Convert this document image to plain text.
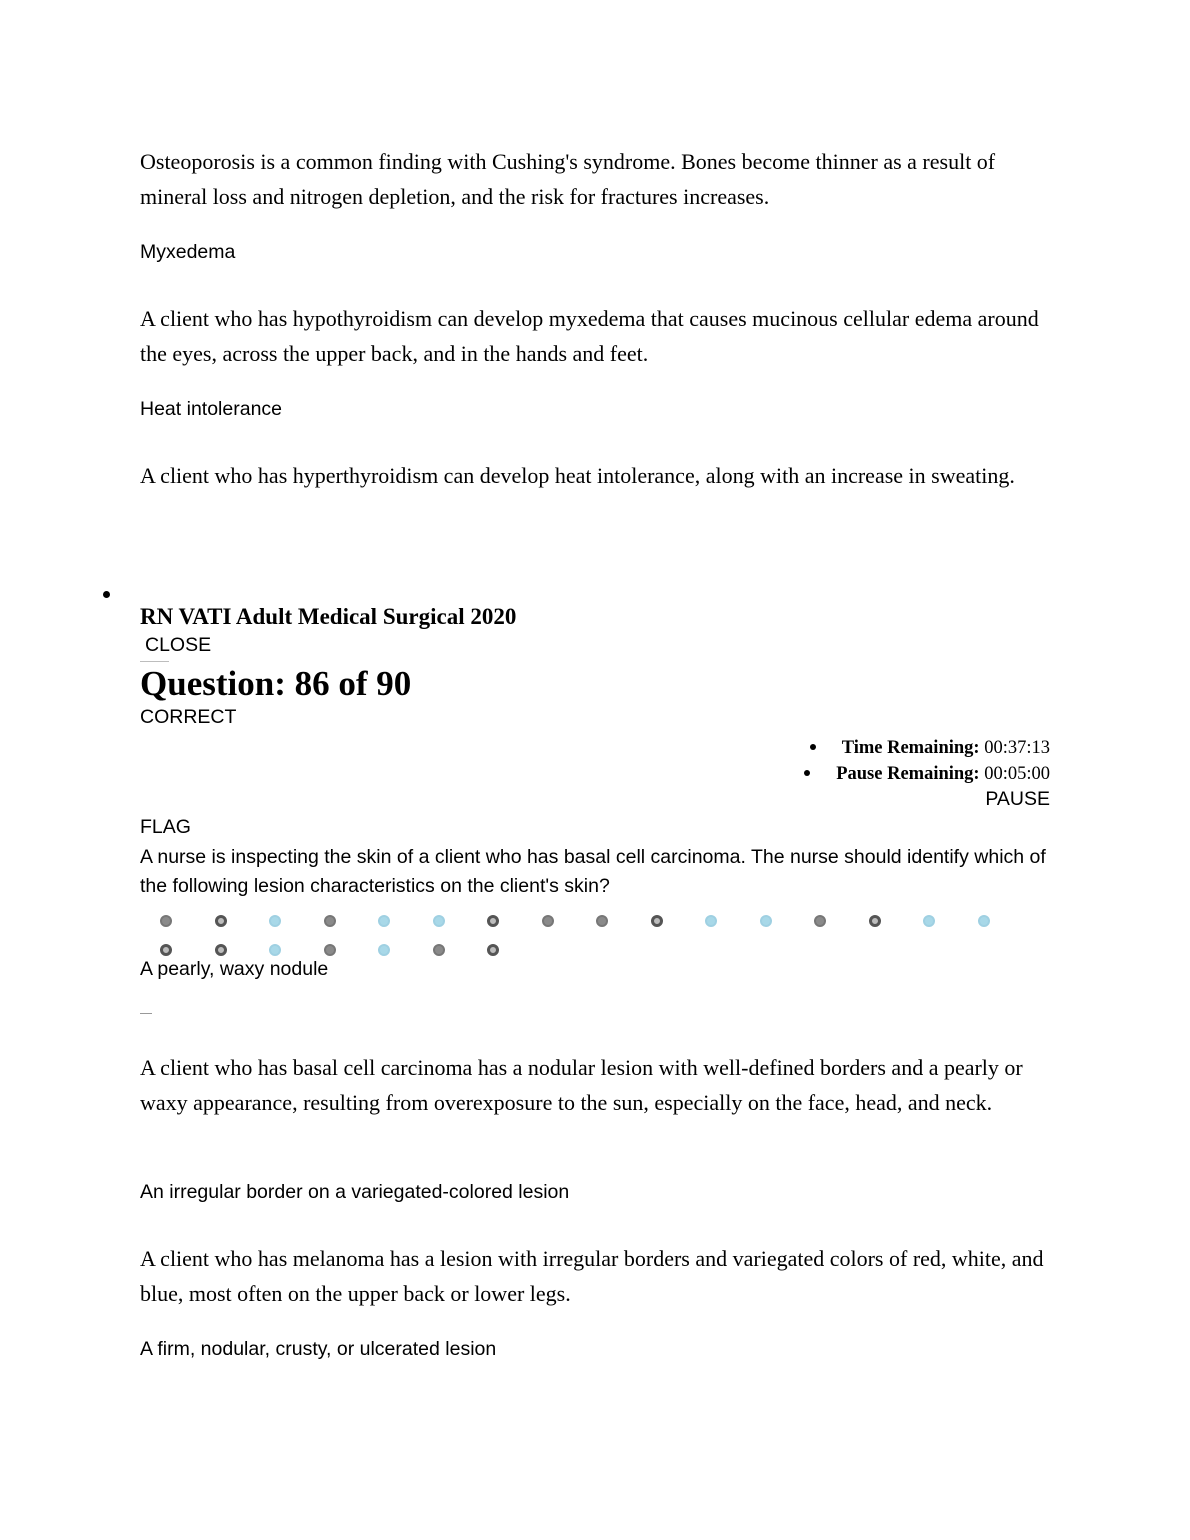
Osteoporosis is a common finding with Cushing's syndrome. Bones become thinner as a result of mineral loss and nitrogen depletion, and the risk for fractures increases.

Myxedema

A client who has hypothyroidism can develop myxedema that causes mucinous cellular edema around the eyes, across the upper back, and in the hands and feet.

Heat intolerance

A client who has hyperthyroidism can develop heat intolerance, along with an increase in sweating.

RN VATI Adult Medical Surgical 2020
CLOSE
Question: 86 of 90
CORRECT
Time Remaining: 00:37:13
Pause Remaining: 00:05:00
PAUSE
FLAG

A nurse is inspecting the skin of a client who has basal cell carcinoma. The nurse should identify which of the following lesion characteristics on the client's skin?

A pearly, waxy nodule

A client who has basal cell carcinoma has a nodular lesion with well-defined borders and a pearly or waxy appearance, resulting from overexposure to the sun, especially on the face, head, and neck.

An irregular border on a variegated-colored lesion

A client who has melanoma has a lesion with irregular borders and variegated colors of red, white, and blue, most often on the upper back or lower legs.

A firm, nodular, crusty, or ulcerated lesion
